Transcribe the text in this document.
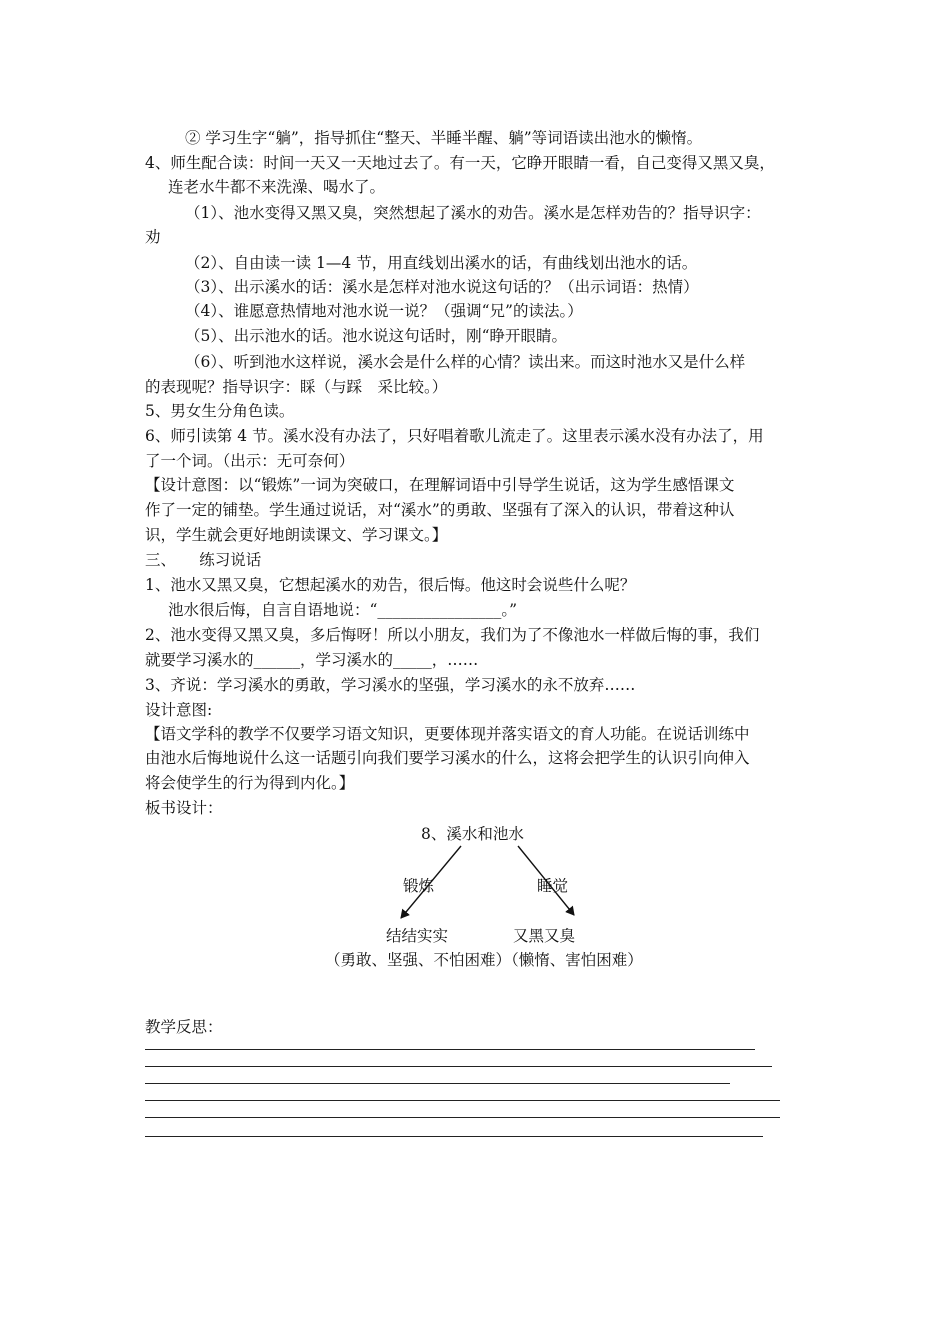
② 学习生字“躺”，指导抓住“整天、半睡半醒、躺”等词语读出池水的懒惰。
4、师生配合读：时间一天又一天地过去了。有一天，它睁开眼睛一看，自己变得又黑又臭，
连老水牛都不来洗澡、喝水了。
（1）、池水变得又黑又臭，突然想起了溪水的劝告。溪水是怎样劝告的？指导识字：
劝
（2）、自由读一读 1—4 节，用直线划出溪水的话，有曲线划出池水的话。
（3）、出示溪水的话：溪水是怎样对池水说这句话的？（出示词语：热情）
（4）、谁愿意热情地对池水说一说？（强调“兄”的读法。）
（5）、出示池水的话。池水说这句话时，刚“睁开眼睛。
（6）、听到池水这样说，溪水会是什么样的心情？读出来。而这时池水又是什么样
的表现呢？指导识字：睬（与踩　采比较。）
5、男女生分角色读。
6、师引读第 4 节。溪水没有办法了，只好唱着歌儿流走了。这里表示溪水没有办法了，用
了一个词。（出示：无可奈何）
【设计意图：以“锻炼”一词为突破口，在理解词语中引导学生说话，这为学生感悟课文
作了一定的铺垫。学生通过说话，对“溪水”的勇敢、坚强有了深入的认识，带着这种认
识，学生就会更好地朗读课文、学习课文。】
三、　　练习说话
1、池水又黑又臭，它想起溪水的劝告，很后悔。他这时会说些什么呢？
池水很后悔，自言自语地说：“________________。”
2、池水变得又黑又臭，多后悔呀！所以小朋友，我们为了不像池水一样做后悔的事，我们
就要学习溪水的______，学习溪水的_____，……
3、齐说：学习溪水的勇敢，学习溪水的坚强，学习溪水的永不放弃……
设计意图:
【语文学科的教学不仅要学习语文知识，更要体现并落实语文的育人功能。在说话训练中
由池水后悔地说什么这一话题引向我们要学习溪水的什么，这将会把学生的认识引向伸入
将会使学生的行为得到内化。】
板书设计：
8、溪水和池水
锻炼	睡觉
结结实实	又黑又臭
（勇敢、坚强、不怕困难）（懒惰、害怕困难）
教学反思：
